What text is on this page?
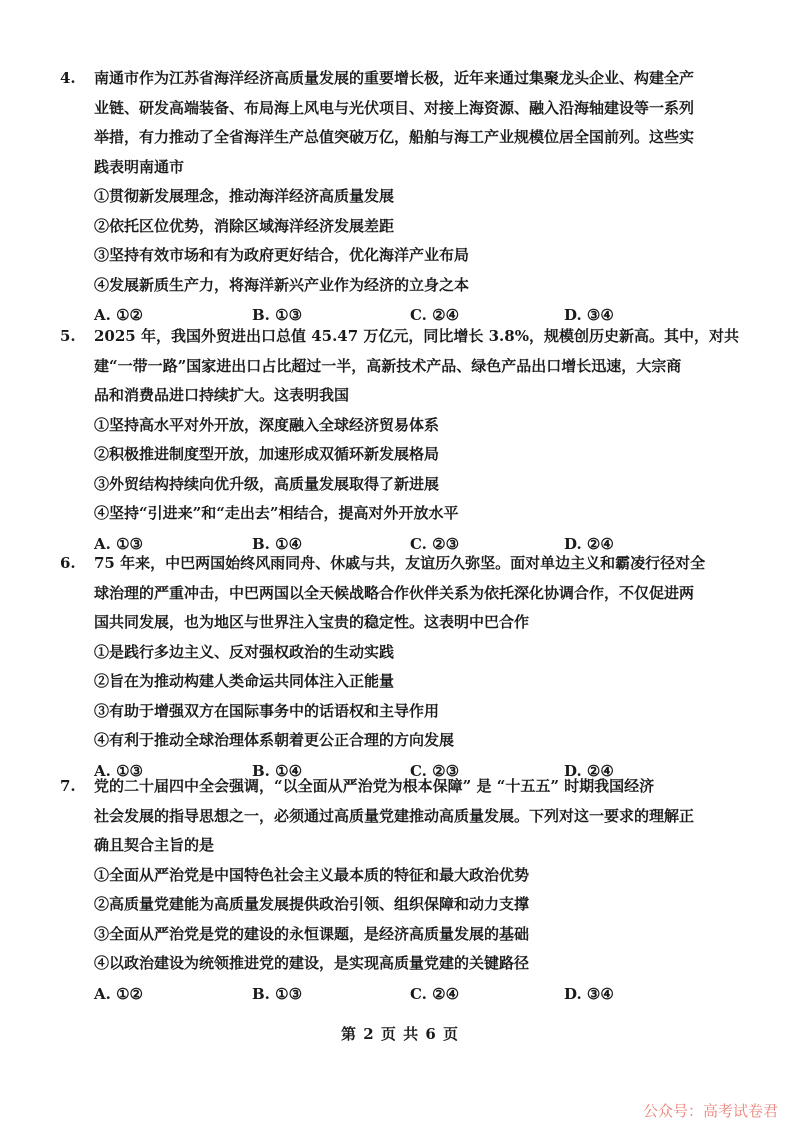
4. 南通市作为江苏省海洋经济高质量发展的重要增长极，近年来通过集聚龙头企业、构建全产
业链、研发高端装备、布局海上风电与光伏项目、对接上海资源、融入沿海轴建设等一系列
举措，有力推动了全省海洋生产总值突破万亿，船舶与海工产业规模位居全国前列。这些实
践表明南通市
①贯彻新发展理念，推动海洋经济高质量发展
②依托区位优势，消除区域海洋经济发展差距
③坚持有效市场和有为政府更好结合，优化海洋产业布局
④发展新质生产力，将海洋新兴产业作为经济的立身之本
A. ①②	B. ①③	C. ②④	D. ③④
5. 2025 年，我国外贸进出口总值 45.47 万亿元，同比增长 3.8%，规模创历史新高。其中，对共
建“一带一路”国家进出口占比超过一半，高新技术产品、绿色产品出口增长迅速，大宗商
品和消费品进口持续扩大。这表明我国
①坚持高水平对外开放，深度融入全球经济贸易体系
②积极推进制度型开放，加速形成双循环新发展格局
③外贸结构持续向优升级，高质量发展取得了新进展
④坚持“引进来”和“走出去”相结合，提高对外开放水平
A. ①③	B. ①④	C. ②③	D. ②④
6. 75 年来，中巴两国始终风雨同舟、休戚与共，友谊历久弥坚。面对单边主义和霸凌行径对全
球治理的严重冲击，中巴两国以全天候战略合作伙伴关系为依托深化协调合作，不仅促进两
国共同发展，也为地区与世界注入宝贵的稳定性。这表明中巴合作
①是践行多边主义、反对强权政治的生动实践
②旨在为推动构建人类命运共同体注入正能量
③有助于增强双方在国际事务中的话语权和主导作用
④有利于推动全球治理体系朝着更公正合理的方向发展
A. ①③	B. ①④	C. ②③	D. ②④
7. 党的二十届四中全会强调，“以全面从严治党为根本保障” 是 “十五五” 时期我国经济
社会发展的指导思想之一，必须通过高质量党建推动高质量发展。下列对这一要求的理解正
确且契合主旨的是
①全面从严治党是中国特色社会主义最本质的特征和最大政治优势
②高质量党建能为高质量发展提供政治引领、组织保障和动力支撑
③全面从严治党是党的建设的永恒课题，是经济高质量发展的基础
④以政治建设为统领推进党的建设，是实现高质量党建的关键路径
A. ①②	B. ①③	C. ②④	D. ③④
第 2 页 共 6 页
公众号：高考试卷君
